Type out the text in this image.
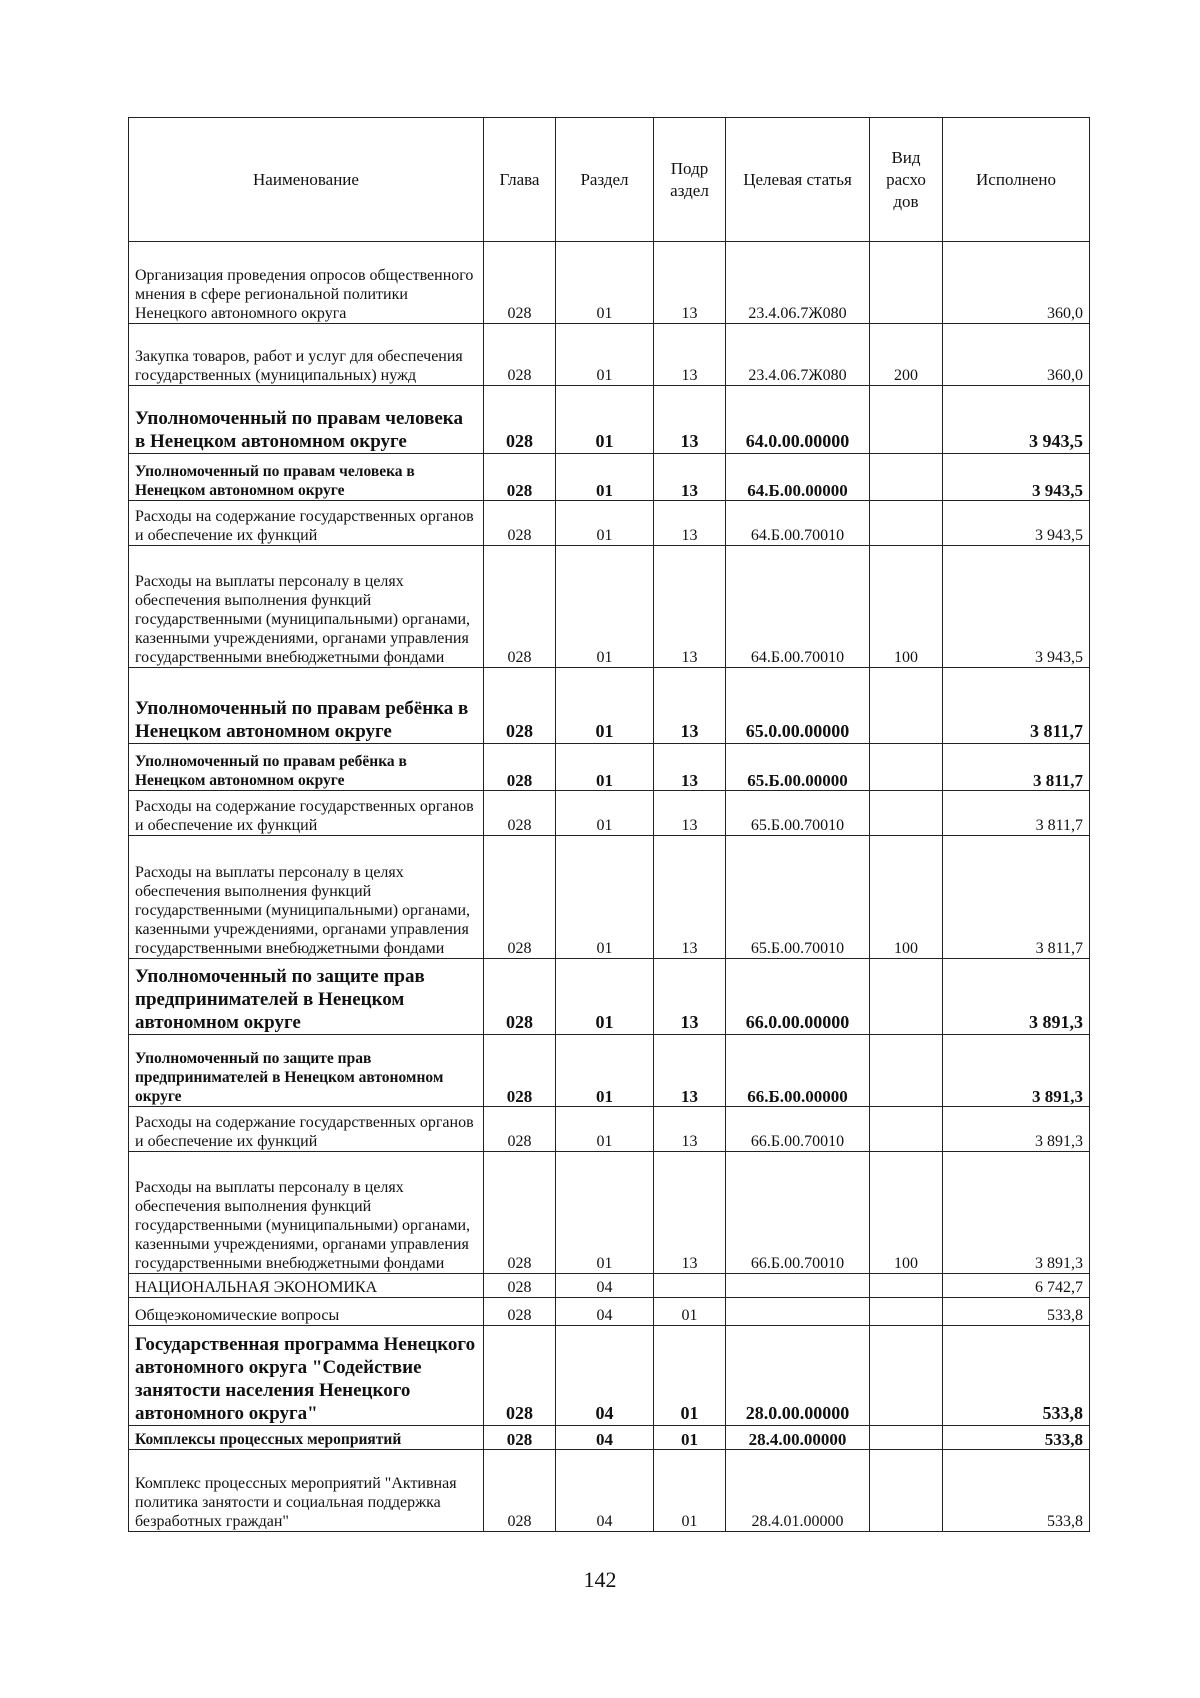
Наименование	Глава	Раздел	Подр аздел	Целевая статья	Вид расхо дов	Исполнено
Организация проведения опросов общественного мнения в сфере региональной политики Ненецкого автономного округа	028	01	13	23.4.06.7Ж080		360,0
Закупка товаров, работ и услуг для обеспечения государственных (муниципальных) нужд	028	01	13	23.4.06.7Ж080	200	360,0
Уполномоченный по правам человека в Ненецком автономном округе	028	01	13	64.0.00.00000		3 943,5
Уполномоченный по правам человека в Ненецком автономном округе	028	01	13	64.Б.00.00000		3 943,5
Расходы на содержание государственных органов и обеспечение их функций	028	01	13	64.Б.00.70010		3 943,5
Расходы на выплаты персоналу в целях обеспечения выполнения функций государственными (муниципальными) органами, казенными учреждениями, органами управления государственными внебюджетными фондами	028	01	13	64.Б.00.70010	100	3 943,5
Уполномоченный по правам ребёнка в Ненецком автономном округе	028	01	13	65.0.00.00000		3 811,7
Уполномоченный по правам ребёнка в Ненецком автономном округе	028	01	13	65.Б.00.00000		3 811,7
Расходы на содержание государственных органов и обеспечение их функций	028	01	13	65.Б.00.70010		3 811,7
Расходы на выплаты персоналу в целях обеспечения выполнения функций государственными (муниципальными) органами, казенными учреждениями, органами управления государственными внебюджетными фондами	028	01	13	65.Б.00.70010	100	3 811,7
Уполномоченный по защите прав предпринимателей в Ненецком автономном округе	028	01	13	66.0.00.00000		3 891,3
Уполномоченный по защите прав предпринимателей в Ненецком автономном округе	028	01	13	66.Б.00.00000		3 891,3
Расходы на содержание государственных органов и обеспечение их функций	028	01	13	66.Б.00.70010		3 891,3
Расходы на выплаты персоналу в целях обеспечения выполнения функций государственными (муниципальными) органами, казенными учреждениями, органами управления государственными внебюджетными фондами	028	01	13	66.Б.00.70010	100	3 891,3
НАЦИОНАЛЬНАЯ ЭКОНОМИКА	028	04				6 742,7
Общеэкономические вопросы	028	04	01			533,8
Государственная программа Ненецкого автономного округа "Содействие занятости населения Ненецкого автономного округа"	028	04	01	28.0.00.00000		533,8
Комплексы процессных мероприятий	028	04	01	28.4.00.00000		533,8
Комплекс процессных мероприятий "Активная политика занятости и социальная поддержка безработных граждан"	028	04	01	28.4.01.00000		533,8
142
